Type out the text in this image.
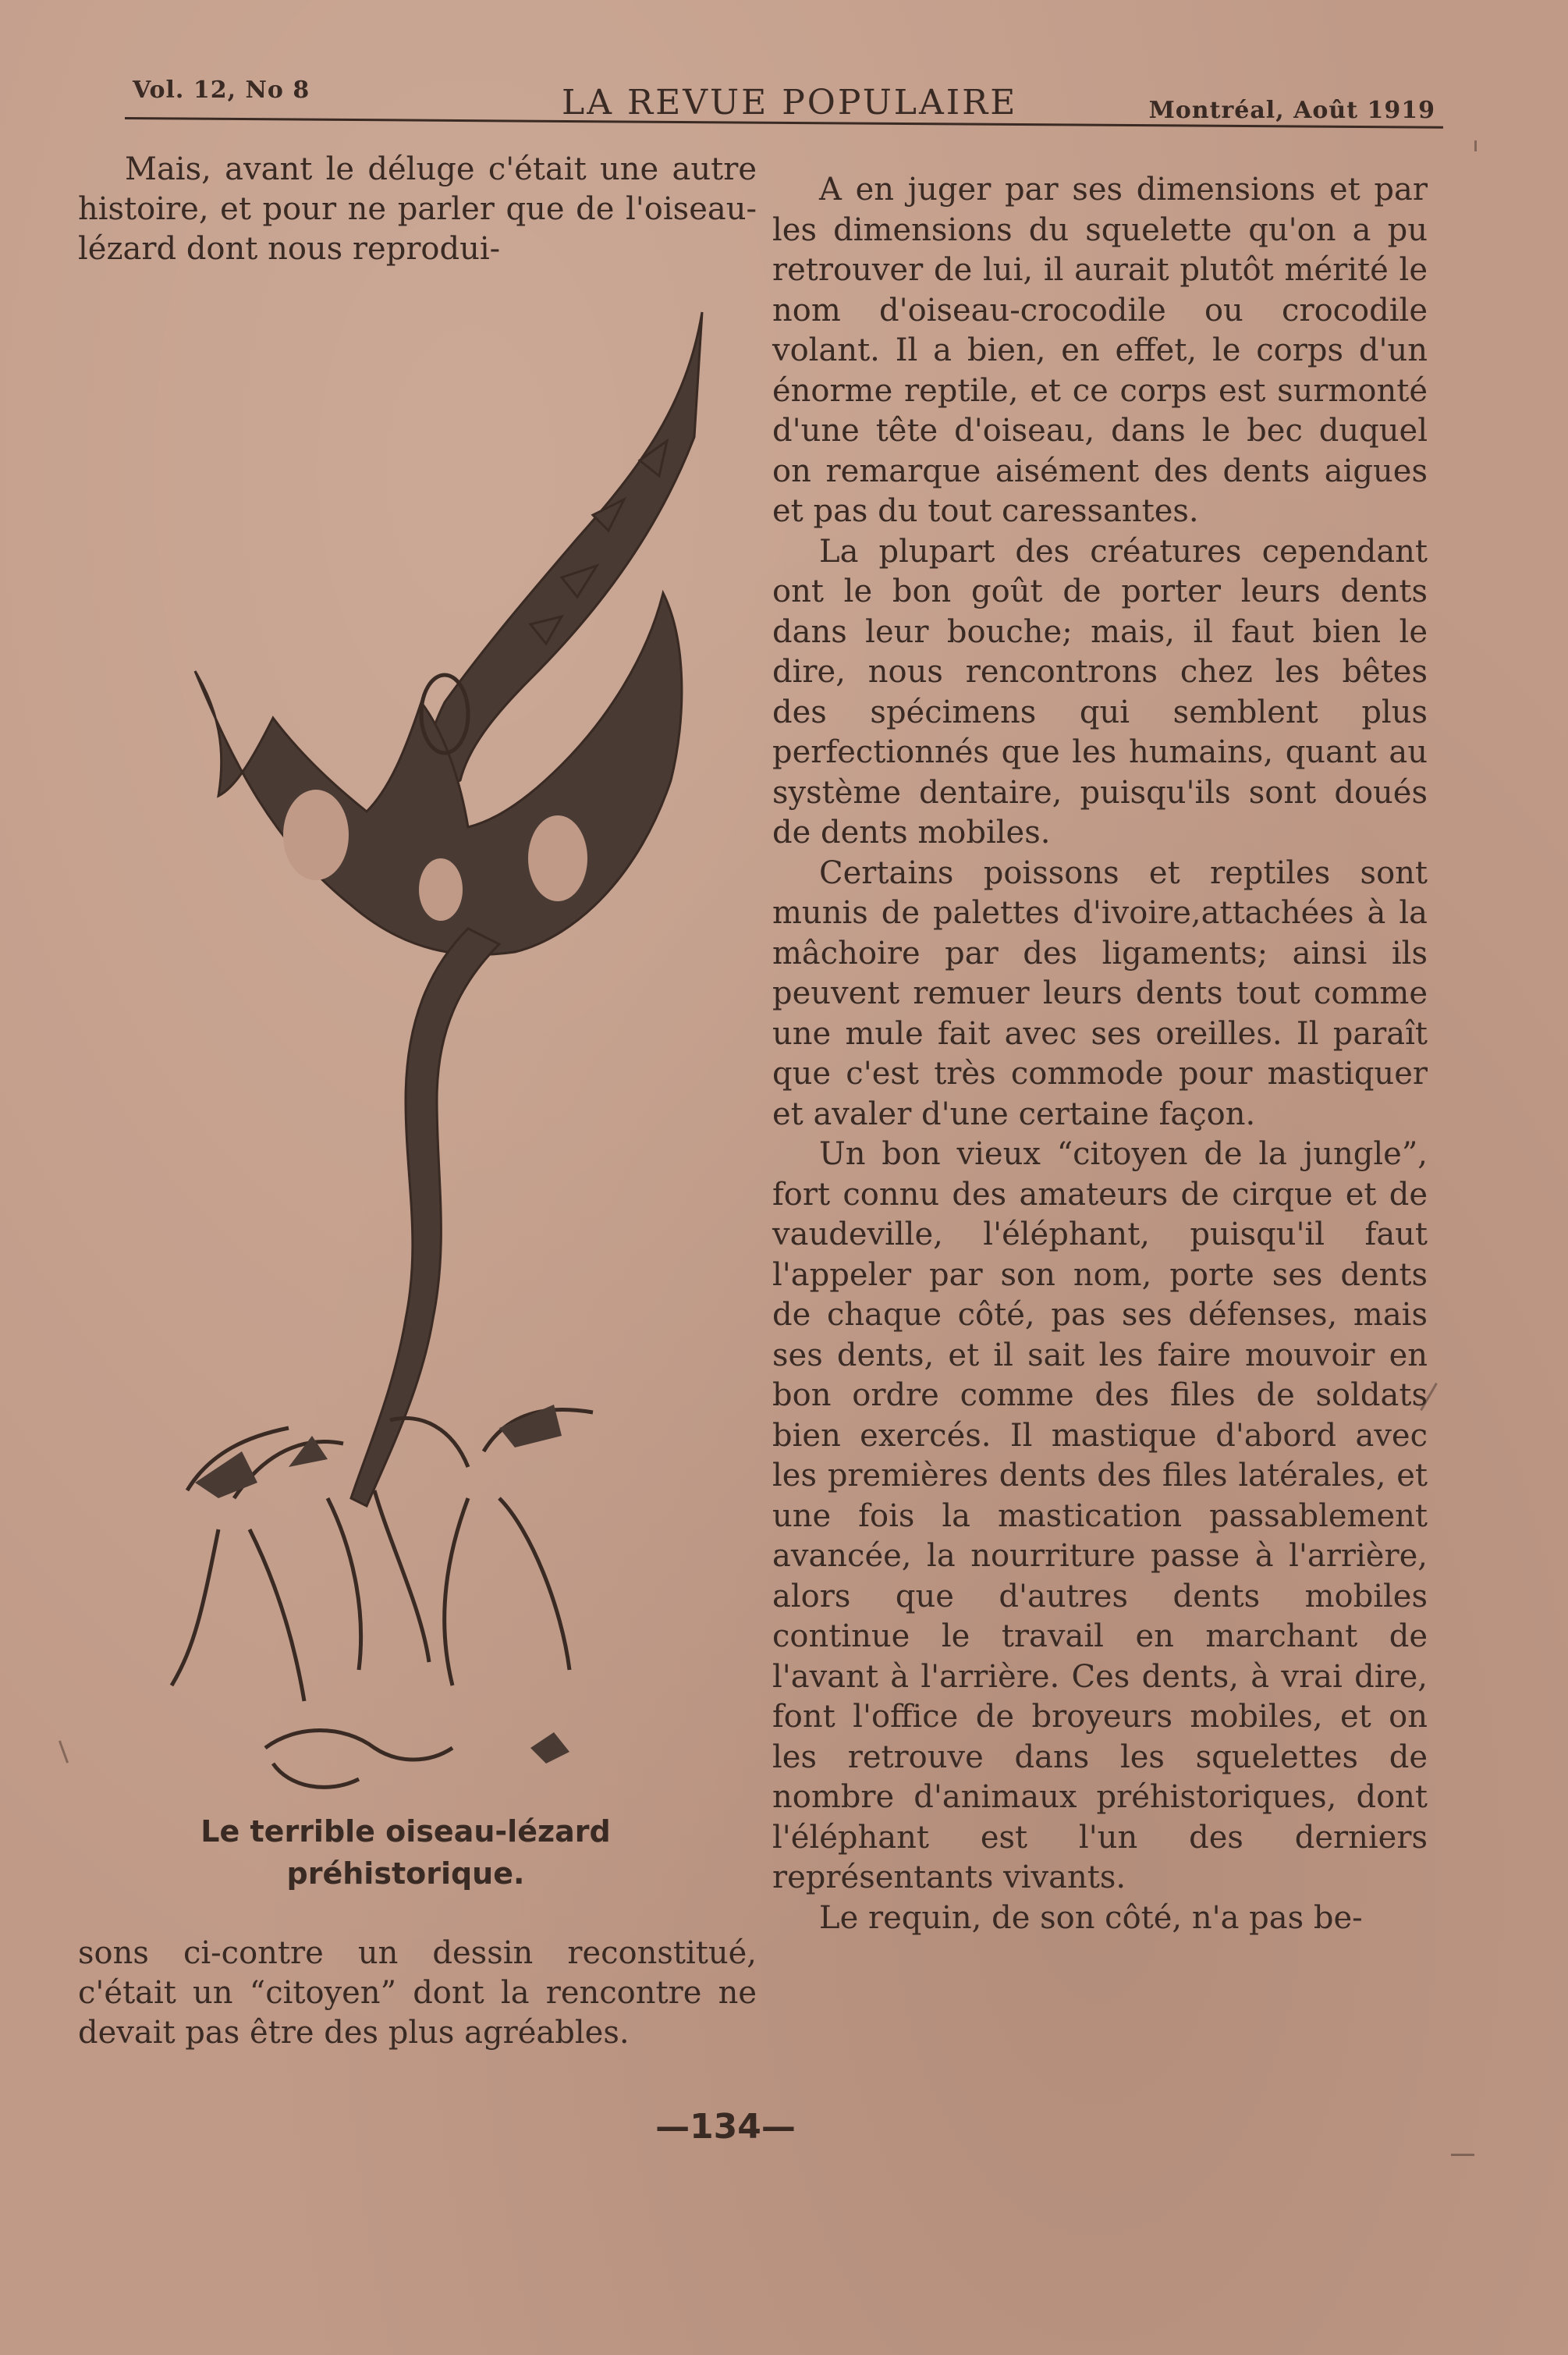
Vol. 12, No 8	LA REVUE POPULAIRE	Montréal, Août 1919

Mais, avant le déluge c'était une autre histoire, et pour ne parler que de l'oiseau-lézard dont nous reprodui-

Le terrible oiseau-lézard préhistorique.

sons ci-contre un dessin reconstitué, c'était un “citoyen” dont la rencontre ne devait pas être des plus agréables.

A en juger par ses dimensions et par les dimensions du squelette qu'on a pu retrouver de lui, il aurait plutôt mérité le nom d'oiseau-crocodile ou crocodile volant. Il a bien, en effet, le corps d'un énorme reptile, et ce corps est surmonté d'une tête d'oiseau, dans le bec duquel on remarque aisément des dents aigues et pas du tout caressantes.

La plupart des créatures cependant ont le bon goût de porter leurs dents dans leur bouche; mais, il faut bien le dire, nous rencontrons chez les bêtes des spécimens qui semblent plus perfectionnés que les humains, quant au système dentaire, puisqu'ils sont doués de dents mobiles.

Certains poissons et reptiles sont munis de palettes d'ivoire,attachées à la mâchoire par des ligaments; ainsi ils peuvent remuer leurs dents tout comme une mule fait avec ses oreilles. Il paraît que c'est très commode pour mastiquer et avaler d'une certaine façon.

Un bon vieux “citoyen de la jungle”, fort connu des amateurs de cirque et de vaudeville, l'éléphant, puisqu'il faut l'appeler par son nom, porte ses dents de chaque côté, pas ses défenses, mais ses dents, et il sait les faire mouvoir en bon ordre comme des files de soldats bien exercés. Il mastique d'abord avec les premières dents des files latérales, et une fois la mastication passablement avancée, la nourriture passe à l'arrière, alors que d'autres dents mobiles continue le travail en marchant de l'avant à l'arrière. Ces dents, à vrai dire, font l'office de broyeurs mobiles, et on les retrouve dans les squelettes de nombre d'animaux préhistoriques, dont l'éléphant est l'un des derniers représentants vivants.

Le requin, de son côté, n'a pas be-

—134—
